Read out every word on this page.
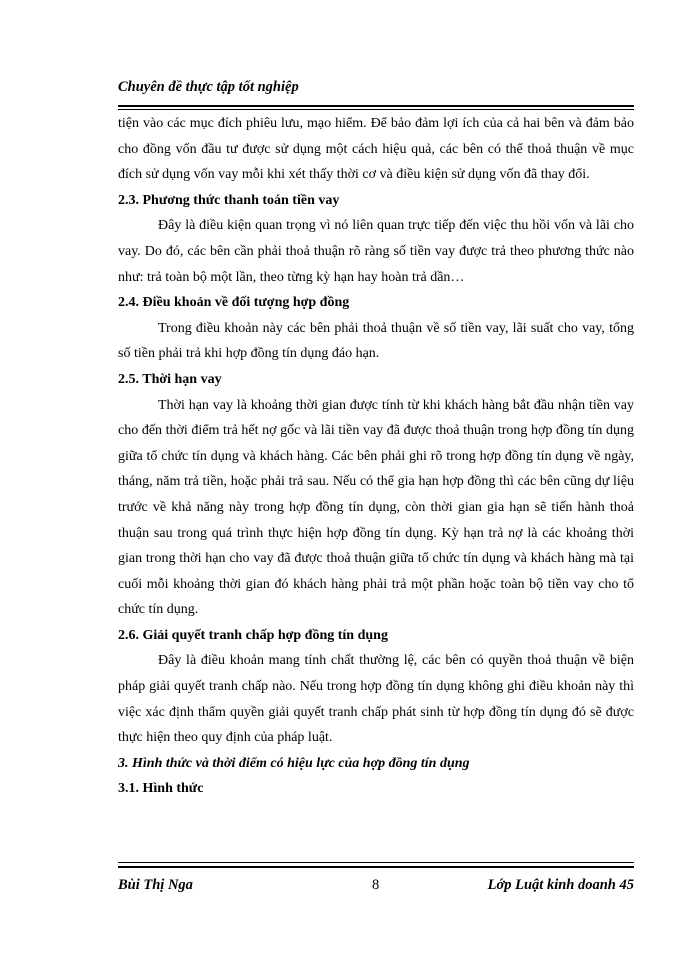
Chuyên đề thực tập tốt nghiệp

tiện vào các mục đích phiêu lưu, mạo hiểm. Để bảo đảm lợi ích của cả hai bên và đảm bảo cho đồng vốn đầu tư được sử dụng một cách hiệu quả, các bên có thể thoả thuận về mục đích sử dụng vốn vay mỗi khi xét thấy thời cơ và điều kiện sử dụng vốn đã thay đổi.

2.3. Phương thức thanh toán tiền vay

Đây là điều kiện quan trọng vì nó liên quan trực tiếp đến việc thu hồi vốn và lãi cho vay. Do đó, các bên cần phải thoả thuận rõ ràng số tiền vay được trả theo phương thức nào như: trả toàn bộ một lần, theo từng kỳ hạn hay hoàn trả dần…

2.4. Điều khoản về đối tượng hợp đồng

Trong điều khoản này các bên phải thoả thuận về số tiền vay, lãi suất cho vay, tổng số tiền phải trả khi hợp đồng tín dụng đáo hạn.

2.5. Thời hạn vay

Thời hạn vay là khoảng thời gian được tính từ khi khách hàng bắt đầu nhận tiền vay cho đến thời điểm trả hết nợ gốc và lãi tiền vay đã được thoả thuận trong hợp đồng tín dụng giữa tổ chức tín dụng và khách hàng. Các bên phải ghi rõ trong hợp đồng tín dụng về ngày, tháng, năm trả tiền, hoặc phải trả sau. Nếu có thể gia hạn hợp đồng thì các bên cũng dự liệu trước về khả năng này trong hợp đồng tín dụng, còn thời gian gia hạn sẽ tiến hành thoả thuận sau trong quá trình thực hiện hợp đồng tín dụng. Kỳ hạn trả nợ là các khoảng thời gian trong thời hạn cho vay đã được thoả thuận giữa tổ chức tín dụng và khách hàng mà tại cuối mỗi khoảng thời gian đó khách hàng phải trả một phần hoặc toàn bộ tiền vay cho tổ chức tín dụng.

2.6. Giải quyết tranh chấp hợp đồng tín dụng

Đây là điều khoản mang tính chất thường lệ, các bên có quyền thoả thuận về biện pháp giải quyết tranh chấp nào. Nếu trong hợp đồng tín dụng không ghi điều khoản này thì việc xác định thẩm quyền giải quyết tranh chấp phát sinh từ hợp đồng tín dụng đó sẽ được thực hiện theo quy định của pháp luật.

3. Hình thức và thời điểm có hiệu lực của hợp đồng tín dụng

3.1. Hình thức

Bùi Thị Nga	8	Lớp Luật kinh doanh 45
